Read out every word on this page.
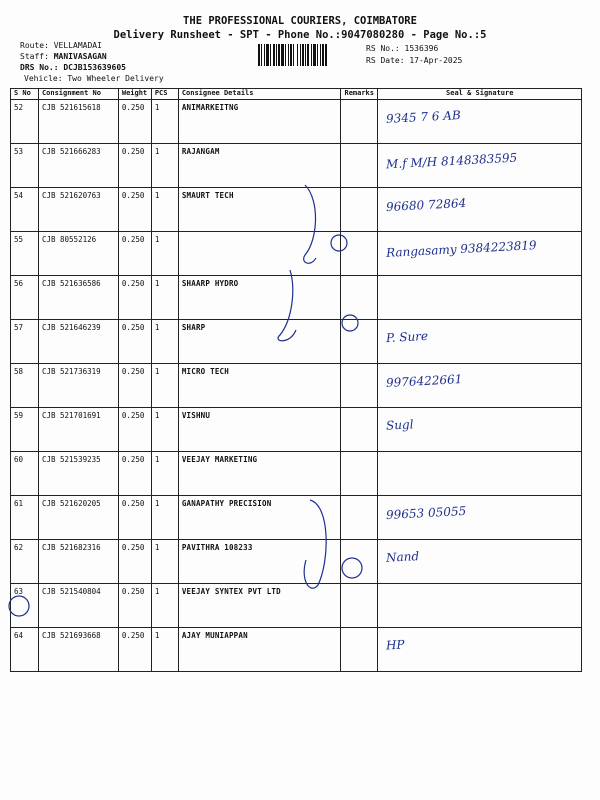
THE PROFESSIONAL COURIERS, COIMBATORE
Delivery Runsheet - SPT - Phone No.:9047080280 - Page No.:5
Route: VELLAMADAI
Staff: MANIVASAGAN
DRS No.: DCJB153639605
Vehicle: Two Wheeler Delivery
RS No.: 1536396
RS Date: 17-Apr-2025
S No	Consignment No	Weight	PCS	Consignee Details	Remarks	Seal & Signature
52	CJB 521615618	0.250	1	ANIMARKEITNG		9345 7 6 AB

53	CJB 521666283	0.250	1	RAJANGAM		M.f M/H 8148383595

54	CJB 521620763	0.250	1	SMAURT TECH		96680 72864

55	CJB 80552126	0.250	1			Rangasamy 9384223819

56	CJB 521636586	0.250	1	SHAARP HYDRO		

57	CJB 521646239	0.250	1	SHARP		P. Sure

58	CJB 521736319	0.250	1	MICRO TECH		9976422661

59	CJB 521701691	0.250	1	VISHNU		Sugl

60	CJB 521539235	0.250	1	VEEJAY MARKETING		

61	CJB 521620205	0.250	1	GANAPATHY PRECISION		99653 05055

62	CJB 521682316	0.250	1	PAVITHRA 108233		Nand

63	CJB 521540804	0.250	1	VEEJAY SYNTEX PVT LTD		

64	CJB 521693668	0.250	1	AJAY MUNIAPPAN		HP
